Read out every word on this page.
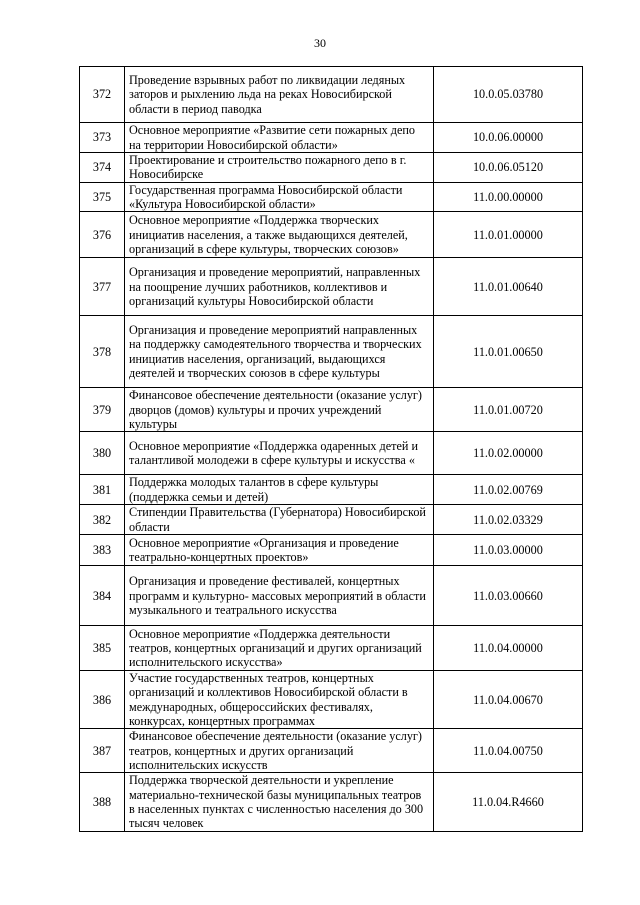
30
372	Проведение взрывных работ по ликвидации ледяных заторов и рыхлению льда на реках Новосибирской области в период паводка	10.0.05.03780
373	Основное мероприятие «Развитие сети пожарных депо на территории Новосибирской области»	10.0.06.00000
374	Проектирование и строительство пожарного депо в г. Новосибирске	10.0.06.05120
375	Государственная программа Новосибирской области «Культура Новосибирской области»	11.0.00.00000
376	Основное мероприятие «Поддержка творческих инициатив населения, а также выдающихся деятелей, организаций в сфере культуры, творческих союзов»	11.0.01.00000
377	Организация и проведение мероприятий, направленных на поощрение лучших работников, коллективов и организаций культуры Новосибирской области	11.0.01.00640
378	Организация и проведение мероприятий направленных на поддержку самодеятельного творчества и творческих инициатив населения, организаций, выдающихся деятелей и творческих союзов в сфере культуры	11.0.01.00650
379	Финансовое обеспечение деятельности (оказание услуг) дворцов (домов) культуры и прочих учреждений культуры	11.0.01.00720
380	Основное мероприятие «Поддержка одаренных детей и талантливой молодежи в сфере культуры и искусства «	11.0.02.00000
381	Поддержка молодых талантов в сфере культуры (поддержка семьи и детей)	11.0.02.00769
382	Стипендии Правительства (Губернатора) Новосибирской области	11.0.02.03329
383	Основное мероприятие «Организация и проведение театрально-концертных проектов»	11.0.03.00000
384	Организация и проведение фестивалей, концертных программ и культурно- массовых мероприятий в области музыкального и театрального искусства	11.0.03.00660
385	Основное мероприятие «Поддержка деятельности театров, концертных организаций и других организаций исполнительского искусства»	11.0.04.00000
386	Участие государственных театров, концертных организаций и коллективов Новосибирской области в международных, общероссийских фестивалях, конкурсах, концертных программах	11.0.04.00670
387	Финансовое обеспечение деятельности (оказание услуг) театров, концертных и других организаций исполнительских искусств	11.0.04.00750
388	Поддержка творческой деятельности и укрепление материально-технической базы муниципальных театров в населенных пунктах с численностью населения до 300 тысяч человек	11.0.04.R4660
